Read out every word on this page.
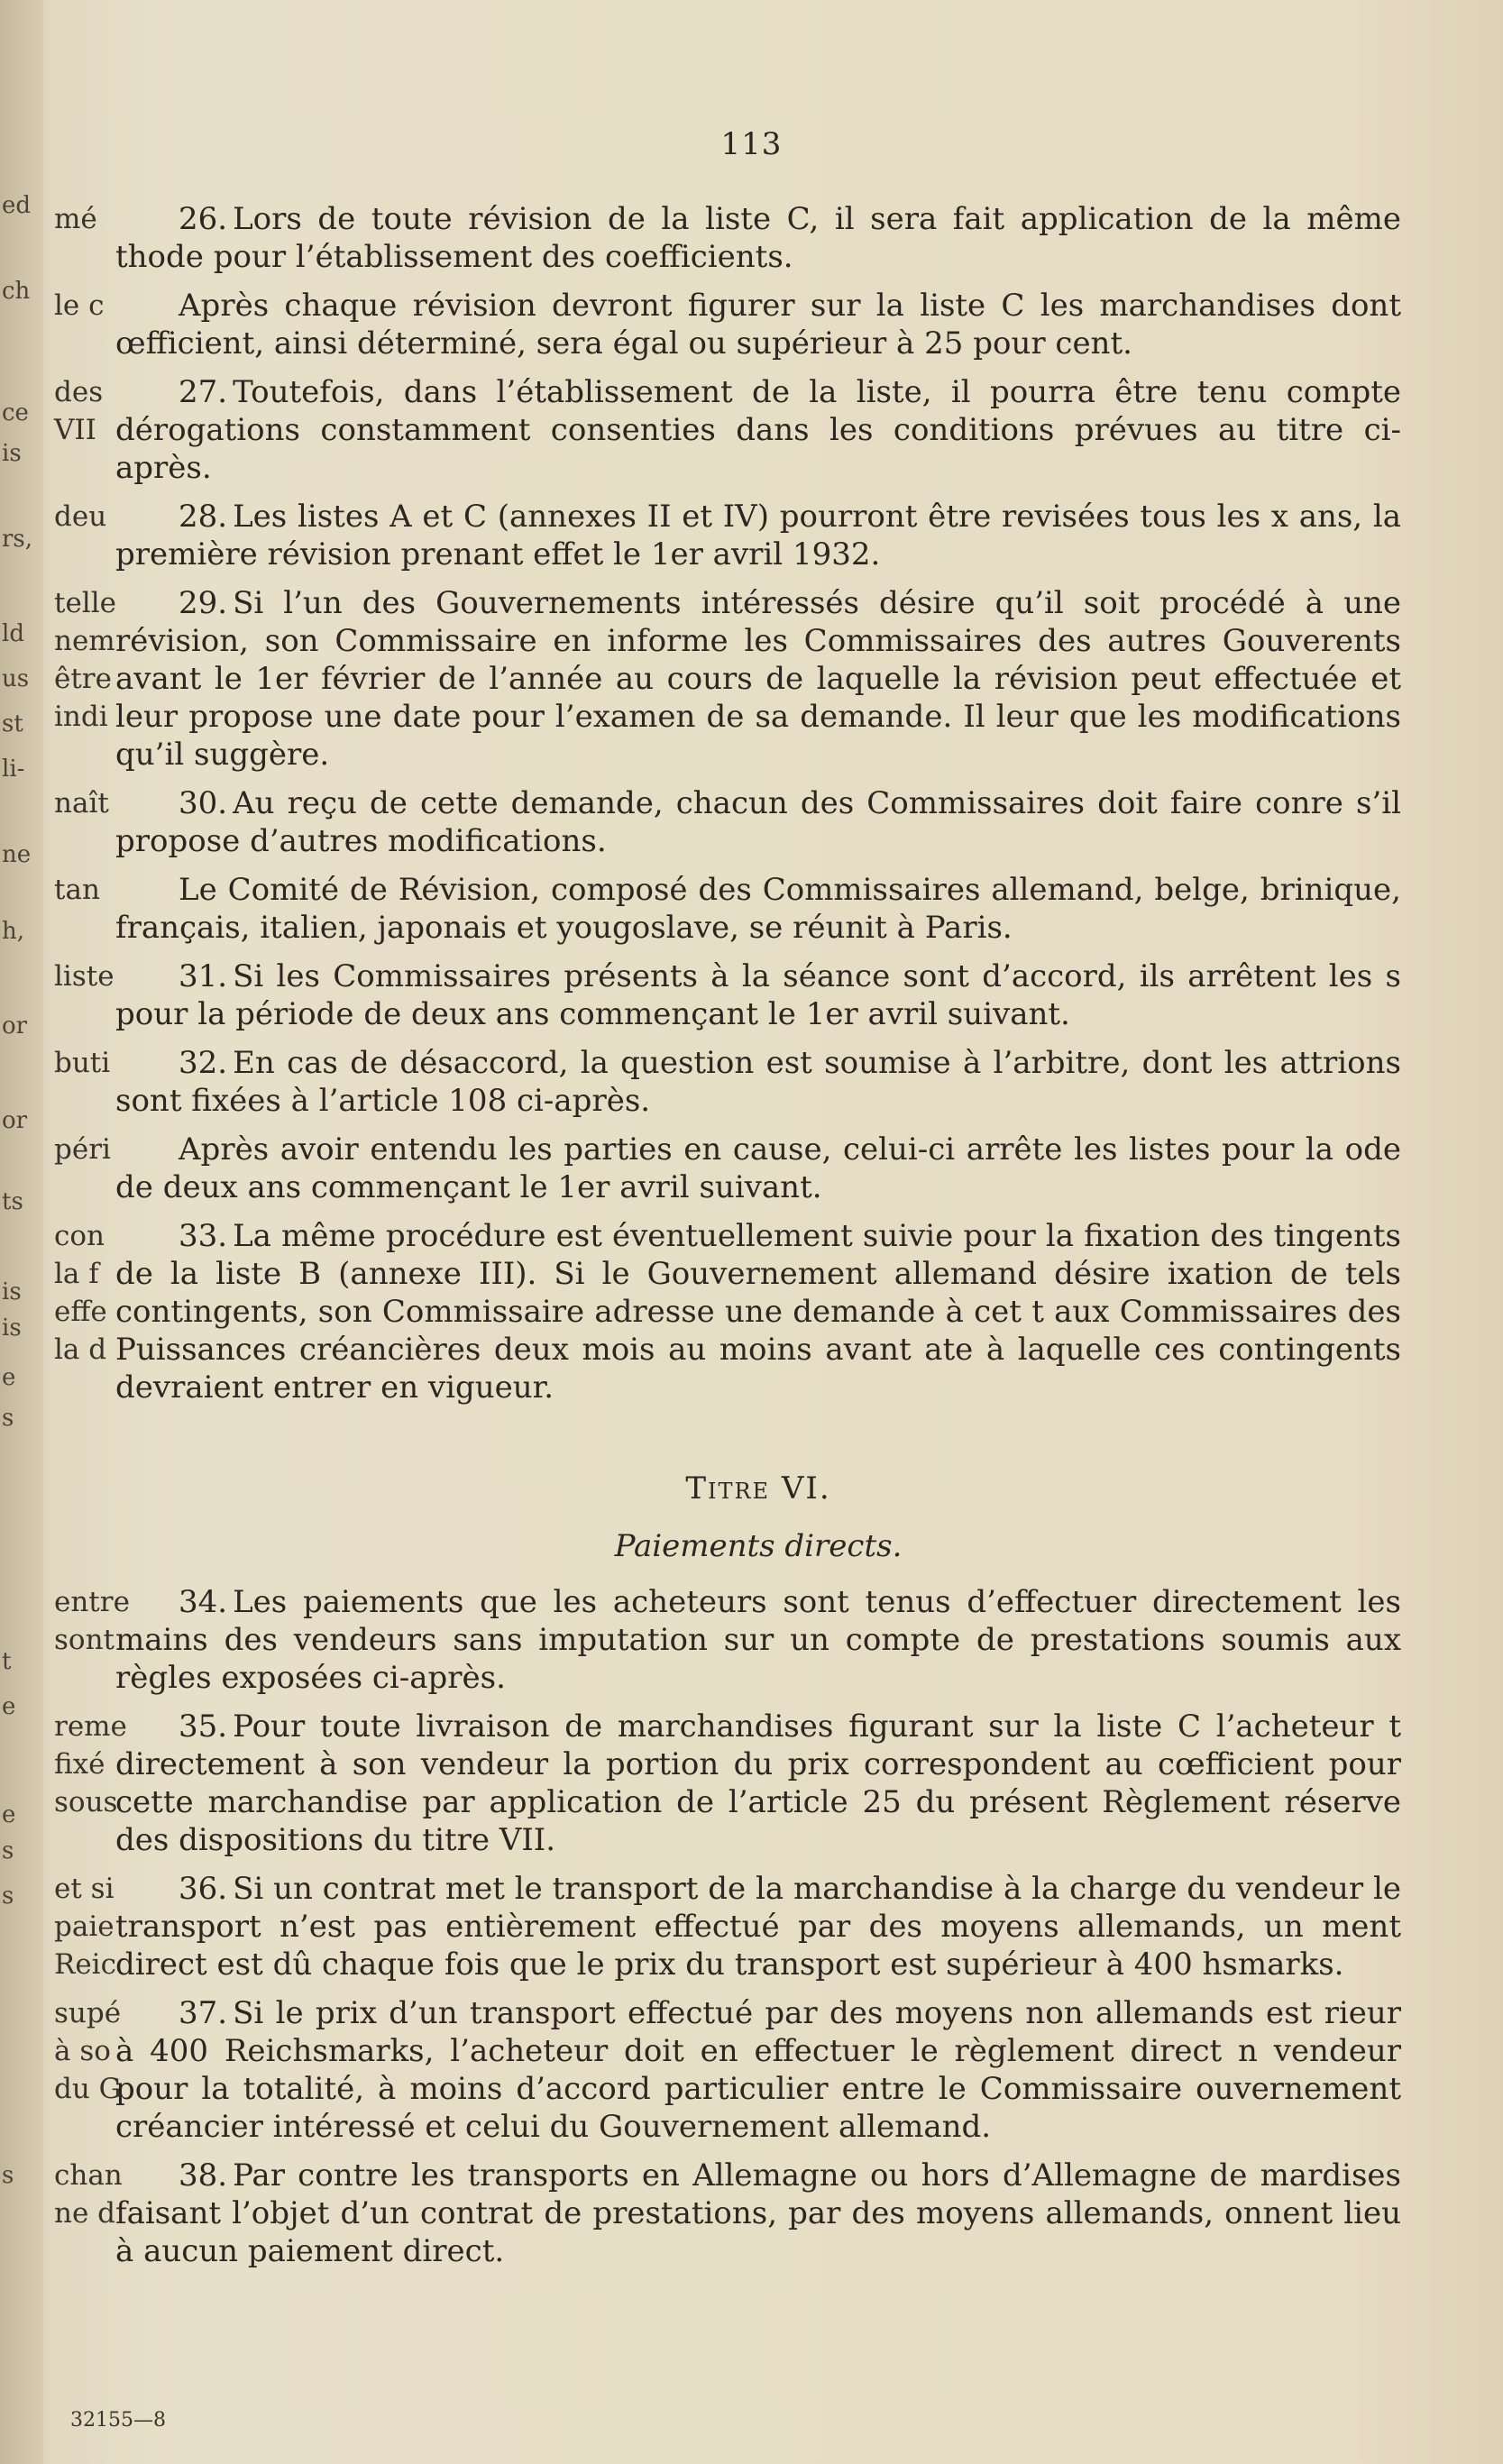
ed
ch
ce
is
rs,
ld
us
st
li-
ne
h,
or
or
ts
is
is
e
s
t
e
e
s
s
s
113
mé	26. Lors de toute révision de la liste C, il sera fait application de la même thode pour l’établissement des coefficients.
le c Après chaque révision devront figurer sur la liste C les marchandises dont œfficient, ainsi déterminé, sera égal ou supérieur à 25 pour cent.
des
VII
27. Toutefois, dans l’établissement de la liste, il pourra être tenu compte dérogations constamment consenties dans les conditions prévues au titre ci-après.
deu 28. Les listes A et C (annexes II et IV) pourront être revisées tous les x ans, la première révision prenant effet le 1er avril 1932.
telle
nem
être
indi
29. Si l’un des Gouvernements intéressés désire qu’il soit procédé à une révision, son Commissaire en informe les Commissaires des autres Gouverents avant le 1er février de l’année au cours de laquelle la révision peut effectuée et leur propose une date pour l’examen de sa demande. Il leur que les modifications qu’il suggère.
naît 30. Au reçu de cette demande, chacun des Commissaires doit faire conre s’il propose d’autres modifications.
tan	Le Comité de Révision, composé des Commissaires allemand, belge, brinique, français, italien, japonais et yougoslave, se réunit à Paris.
liste 31. Si les Commissaires présents à la séance sont d’accord, ils arrêtent les s pour la période de deux ans commençant le 1er avril suivant.
buti 32. En cas de désaccord, la question est soumise à l’arbitre, dont les attrions sont fixées à l’article 108 ci-après.
péri Après avoir entendu les parties en cause, celui-ci arrête les listes pour la ode de deux ans commençant le 1er avril suivant.
con
la f
effe
la d
33. La même procédure est éventuellement suivie pour la fixation des tingents de la liste B (annexe III). Si le Gouvernement allemand désire ixation de tels contingents, son Commissaire adresse une demande à cet t aux Commissaires des Puissances créancières deux mois au moins avant ate à laquelle ces contingents devraient entrer en vigueur.
Titre VI.
Paiements directs.
entre
sont
34. Les paiements que les acheteurs sont tenus d’effectuer directement les mains des vendeurs sans imputation sur un compte de prestations soumis aux règles exposées ci-après.
reme
fixé
sous
35. Pour toute livraison de marchandises figurant sur la liste C l’acheteur t directement à son vendeur la portion du prix correspondent au cœfficient pour cette marchandise par application de l’article 25 du présent Règlement réserve des dispositions du titre VII.
et si
paie
Reic
36. Si un contrat met le transport de la marchandise à la charge du vendeur le transport n’est pas entièrement effectué par des moyens allemands, un ment direct est dû chaque fois que le prix du transport est supérieur à 400 hsmarks.
supé
à so
du G
37. Si le prix d’un transport effectué par des moyens non allemands est rieur à 400 Reichsmarks, l’acheteur doit en effectuer le règlement direct n vendeur pour la totalité, à moins d’accord particulier entre le Commissaire ouvernement créancier intéressé et celui du Gouvernement allemand.
chan
ne d
38. Par contre les transports en Allemagne ou hors d’Allemagne de mardises faisant l’objet d’un contrat de prestations, par des moyens allemands, onnent lieu à aucun paiement direct.
32155—8
